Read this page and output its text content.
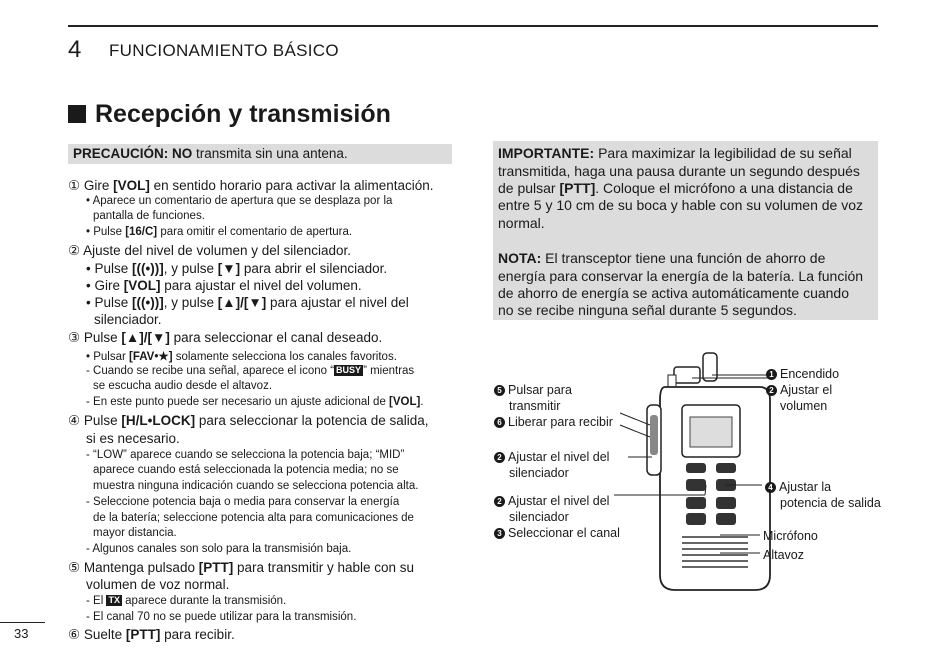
4 FUNCIONAMIENTO BÁSICO
Recepción y transmisión
PRECAUCIÓN: NO transmita sin una antena.
① Gire [VOL] en sentido horario para activar la alimentación.
• Aparece un comentario de apertura que se desplaza por la
pantalla de funciones.
• Pulse [16/C] para omitir el comentario de apertura.
② Ajuste del nivel de volumen y del silenciador.
• Pulse [((•))], y pulse [▼] para abrir el silenciador.
• Gire [VOL] para ajustar el nivel del volumen.
• Pulse [((•))], y pulse [▲]/[▼] para ajustar el nivel del
silenciador.
③ Pulse [▲]/[▼] para seleccionar el canal deseado.
• Pulsar [FAV•★] solamente selecciona los canales favoritos.
- Cuando se recibe una señal, aparece el icono “ BUSY ” mientras
se escucha audio desde el altavoz.
- En este punto puede ser necesario un ajuste adicional de [VOL].
④ Pulse [H/L•LOCK] para seleccionar la potencia de salida,
si es necesario.
- “LOW” aparece cuando se selecciona la potencia baja; “MID”
aparece cuando está seleccionada la potencia media; no se
muestra ninguna indicación cuando se selecciona potencia alta.
- Seleccione potencia baja o media para conservar la energía
de la batería; seleccione potencia alta para comunicaciones de
mayor distancia.
- Algunos canales son solo para la transmisión baja.
⑤ Mantenga pulsado [PTT] para transmitir y hable con su
volumen de voz normal.
- El TX aparece durante la transmisión.
- El canal 70 no se puede utilizar para la transmisión.
⑥ Suelte [PTT] para recibir.
IMPORTANTE: Para maximizar la legibilidad de su señal
transmitida, haga una pausa durante un segundo después
de pulsar [PTT]. Coloque el micrófono a una distancia de
entre 5 y 10 cm de su boca y hable con su volumen de voz
normal.
NOTA: El transceptor tiene una función de ahorro de
energía para conservar la energía de la batería. La función
de ahorro de energía se activa automáticamente cuando
no se recibe ninguna señal durante 5 segundos.
1 Encendido
2 Ajustar el
volumen
5 Pulsar para
transmitir
6 Liberar para recibir
2 Ajustar el nivel del
silenciador
2 Ajustar el nivel del
silenciador
3 Seleccionar el canal
4 Ajustar la
potencia de salida
Micrófono
Altavoz
33
